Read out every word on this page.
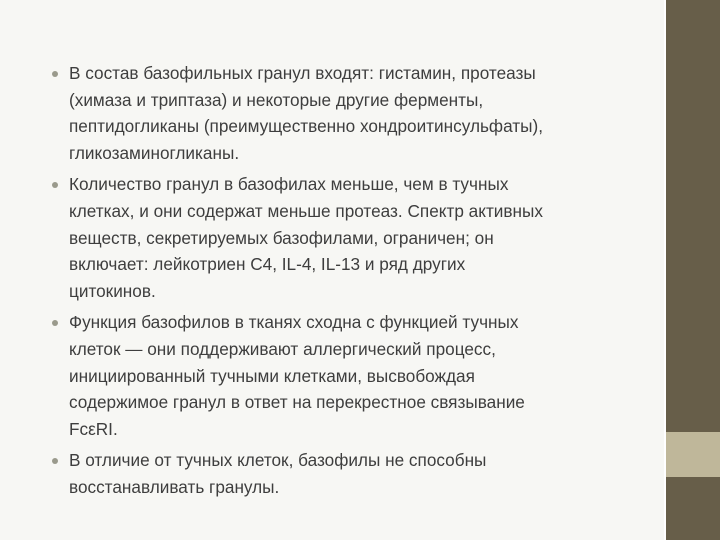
В состав базофильных гранул входят: гистамин, протеазы
(химаза и триптаза) и некоторые другие ферменты,
пептидогликаны (преимущественно хондроитинсульфаты),
гликозаминогликаны.
Количество гранул в базофилах меньше, чем в тучных
клетках, и они содержат меньше протеаз. Спектр активных
веществ, секретируемых базофилами, ограничен; он
включает: лейкотриен C4, IL-4, IL-13 и ряд других
цитокинов.
Функция базофилов в тканях сходна с функцией тучных
клеток — они поддерживают аллергический процесс,
инициированный тучными клетками, высвобождая
содержимое гранул в ответ на перекрестное связывание
FcεRI.
В отличие от тучных клеток, базофилы не способны
восстанавливать гранулы.
